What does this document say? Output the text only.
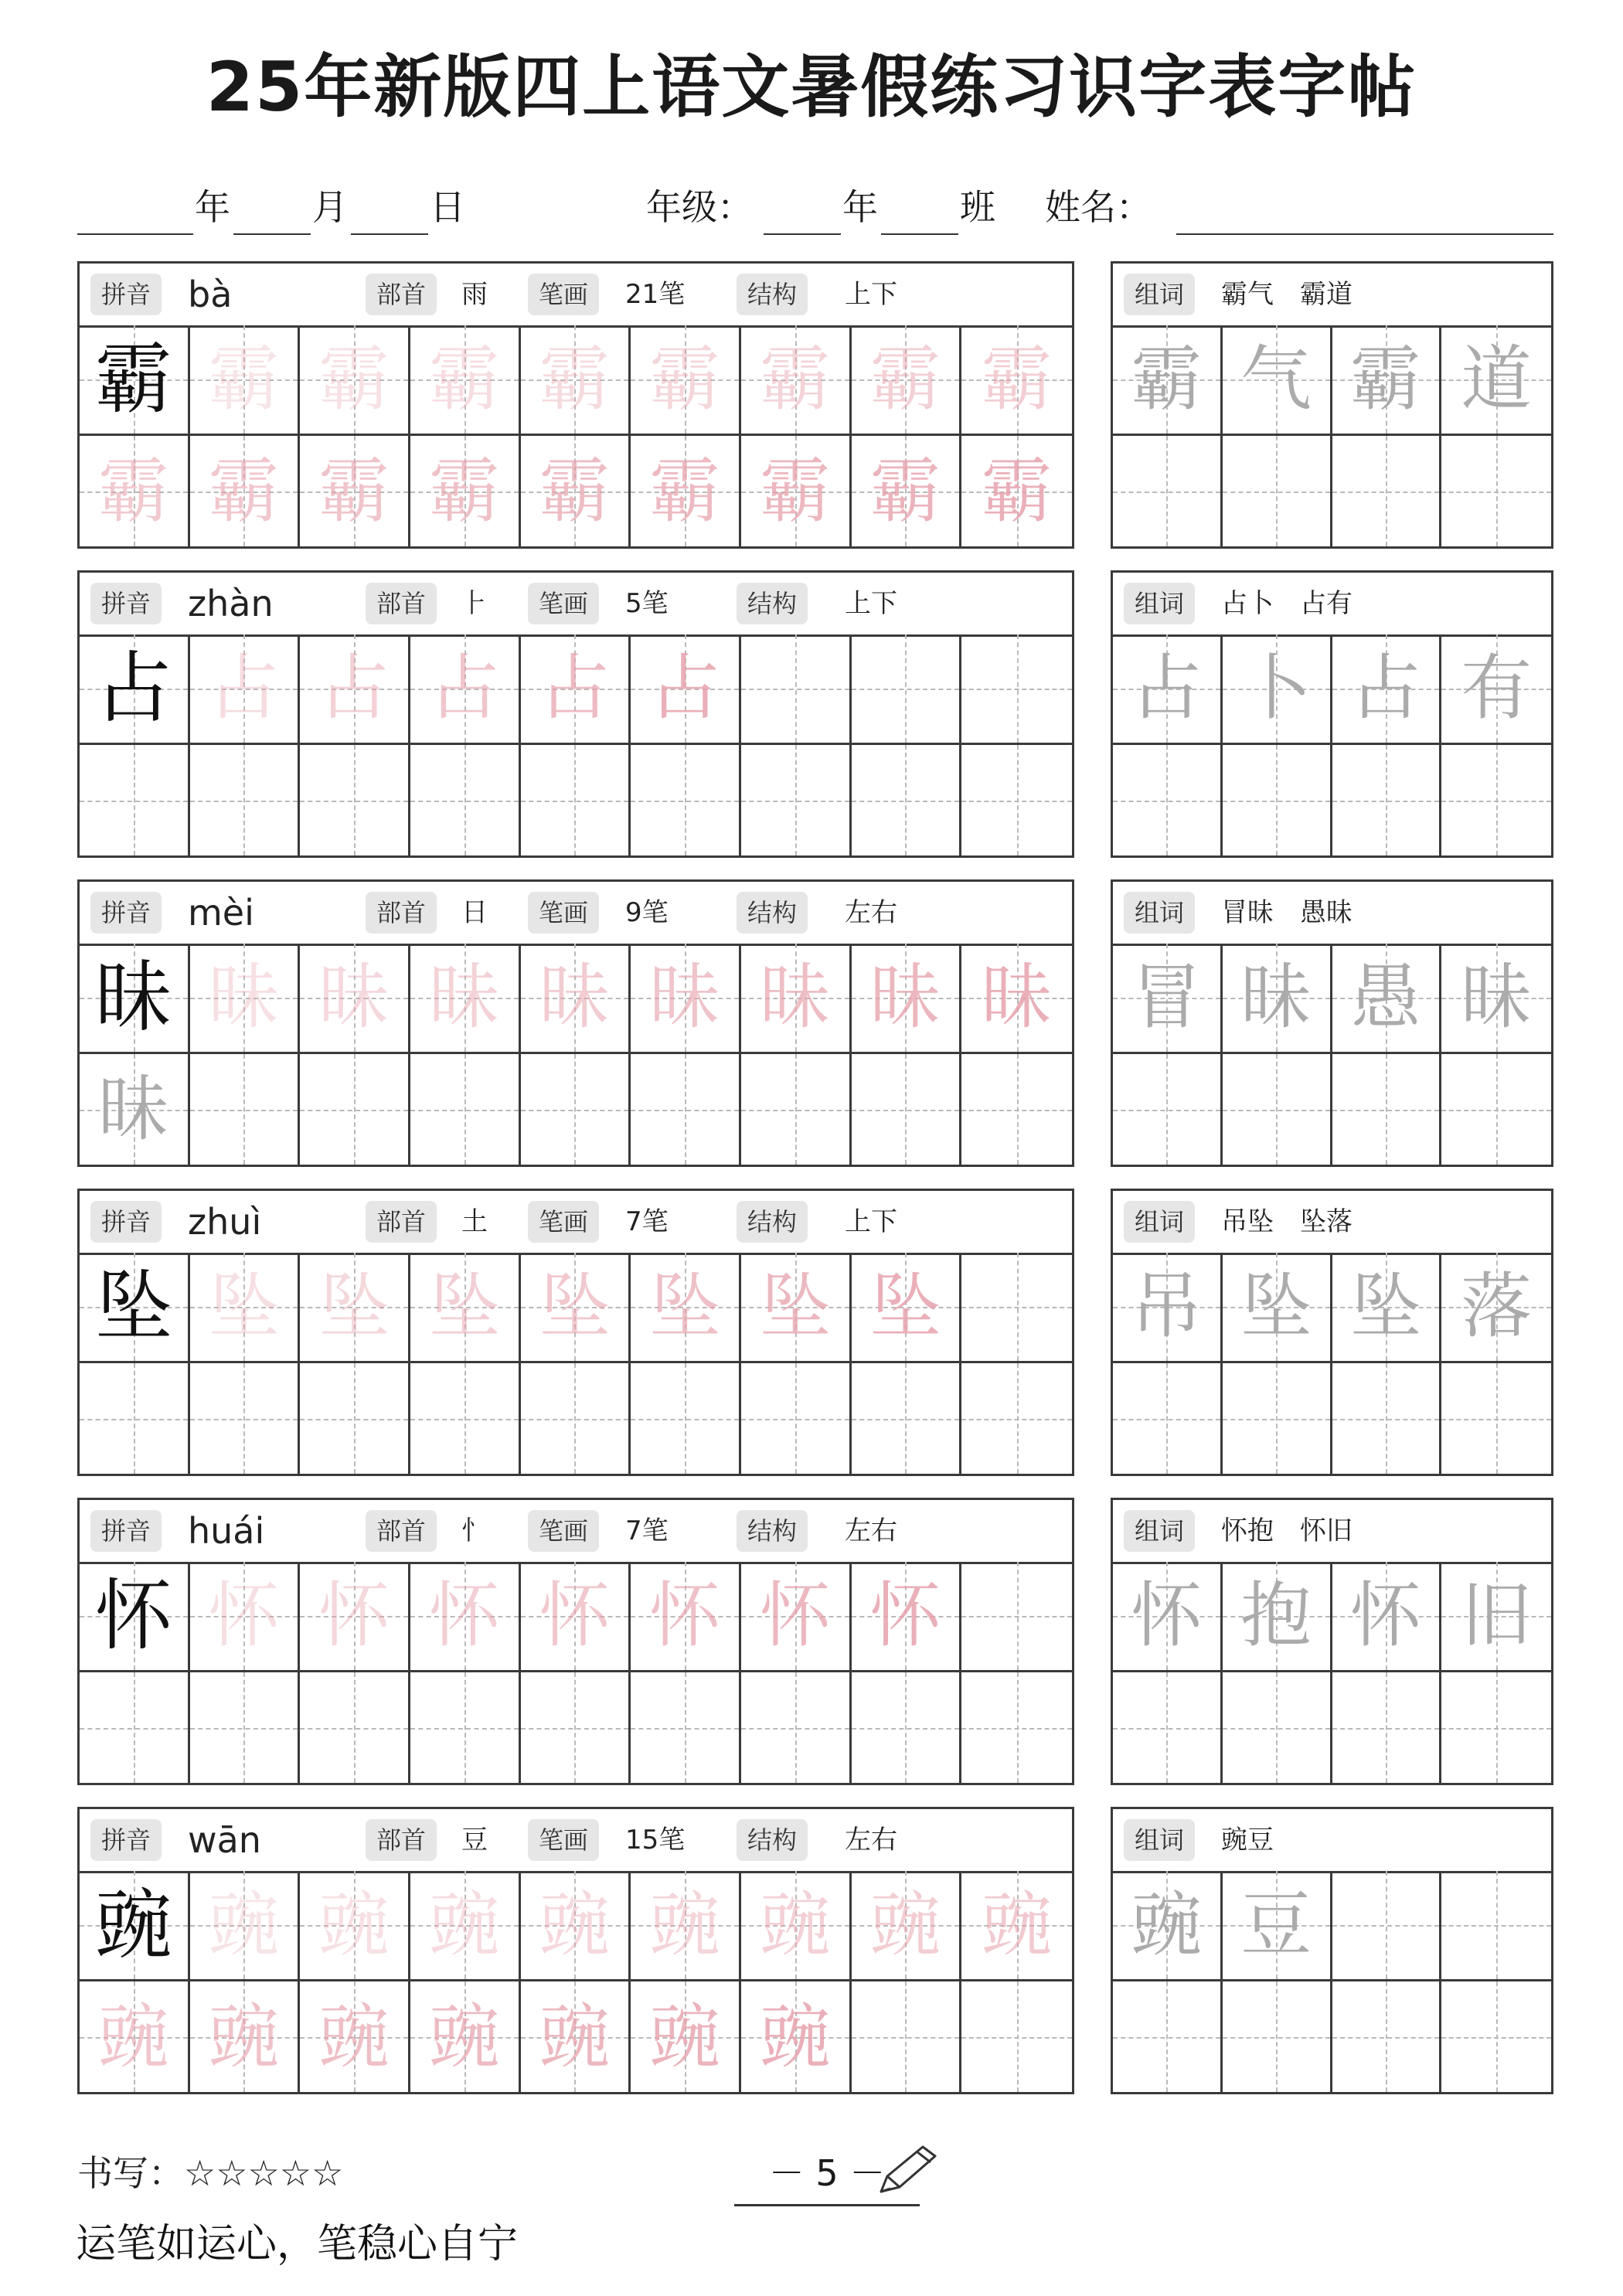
25年新版四上语文暑假练习识字表字帖
年 月 日	年级：	年 班 姓名：
拼音	bà	部首	雨	笔画	21笔	结构	上下
霸 霸 霸 霸 霸 霸 霸 霸 霸
霸 霸 霸 霸 霸 霸 霸 霸 霸
组词	霸气　霸道
霸 气 霸 道
拼音	zhàn	部首	⺊	笔画	5笔	结构	上下
占 占 占 占 占 占
组词	占卜　占有
占 卜 占 有
拼音	mèi	部首	日	笔画	9笔	结构	左右
昧 昧 昧 昧 昧 昧 昧 昧 昧
昧
组词	冒昧　愚昧
冒 昧 愚 昧
拼音	zhuì	部首	土	笔画	7笔	结构	上下
坠 坠 坠 坠 坠 坠 坠 坠
组词	吊坠　坠落
吊 坠 坠 落
拼音	huái	部首	忄	笔画	7笔	结构	左右
怀 怀 怀 怀 怀 怀 怀 怀
组词	怀抱　怀旧
怀 抱 怀 旧
拼音	wān	部首	豆	笔画	15笔	结构	左右
豌 豌 豌 豌 豌 豌 豌 豌 豌
豌 豌 豌 豌 豌 豌 豌
组词	豌豆
豌 豆
书写：☆☆☆☆☆	－ 5 －
运笔如运心，笔稳心自宁
